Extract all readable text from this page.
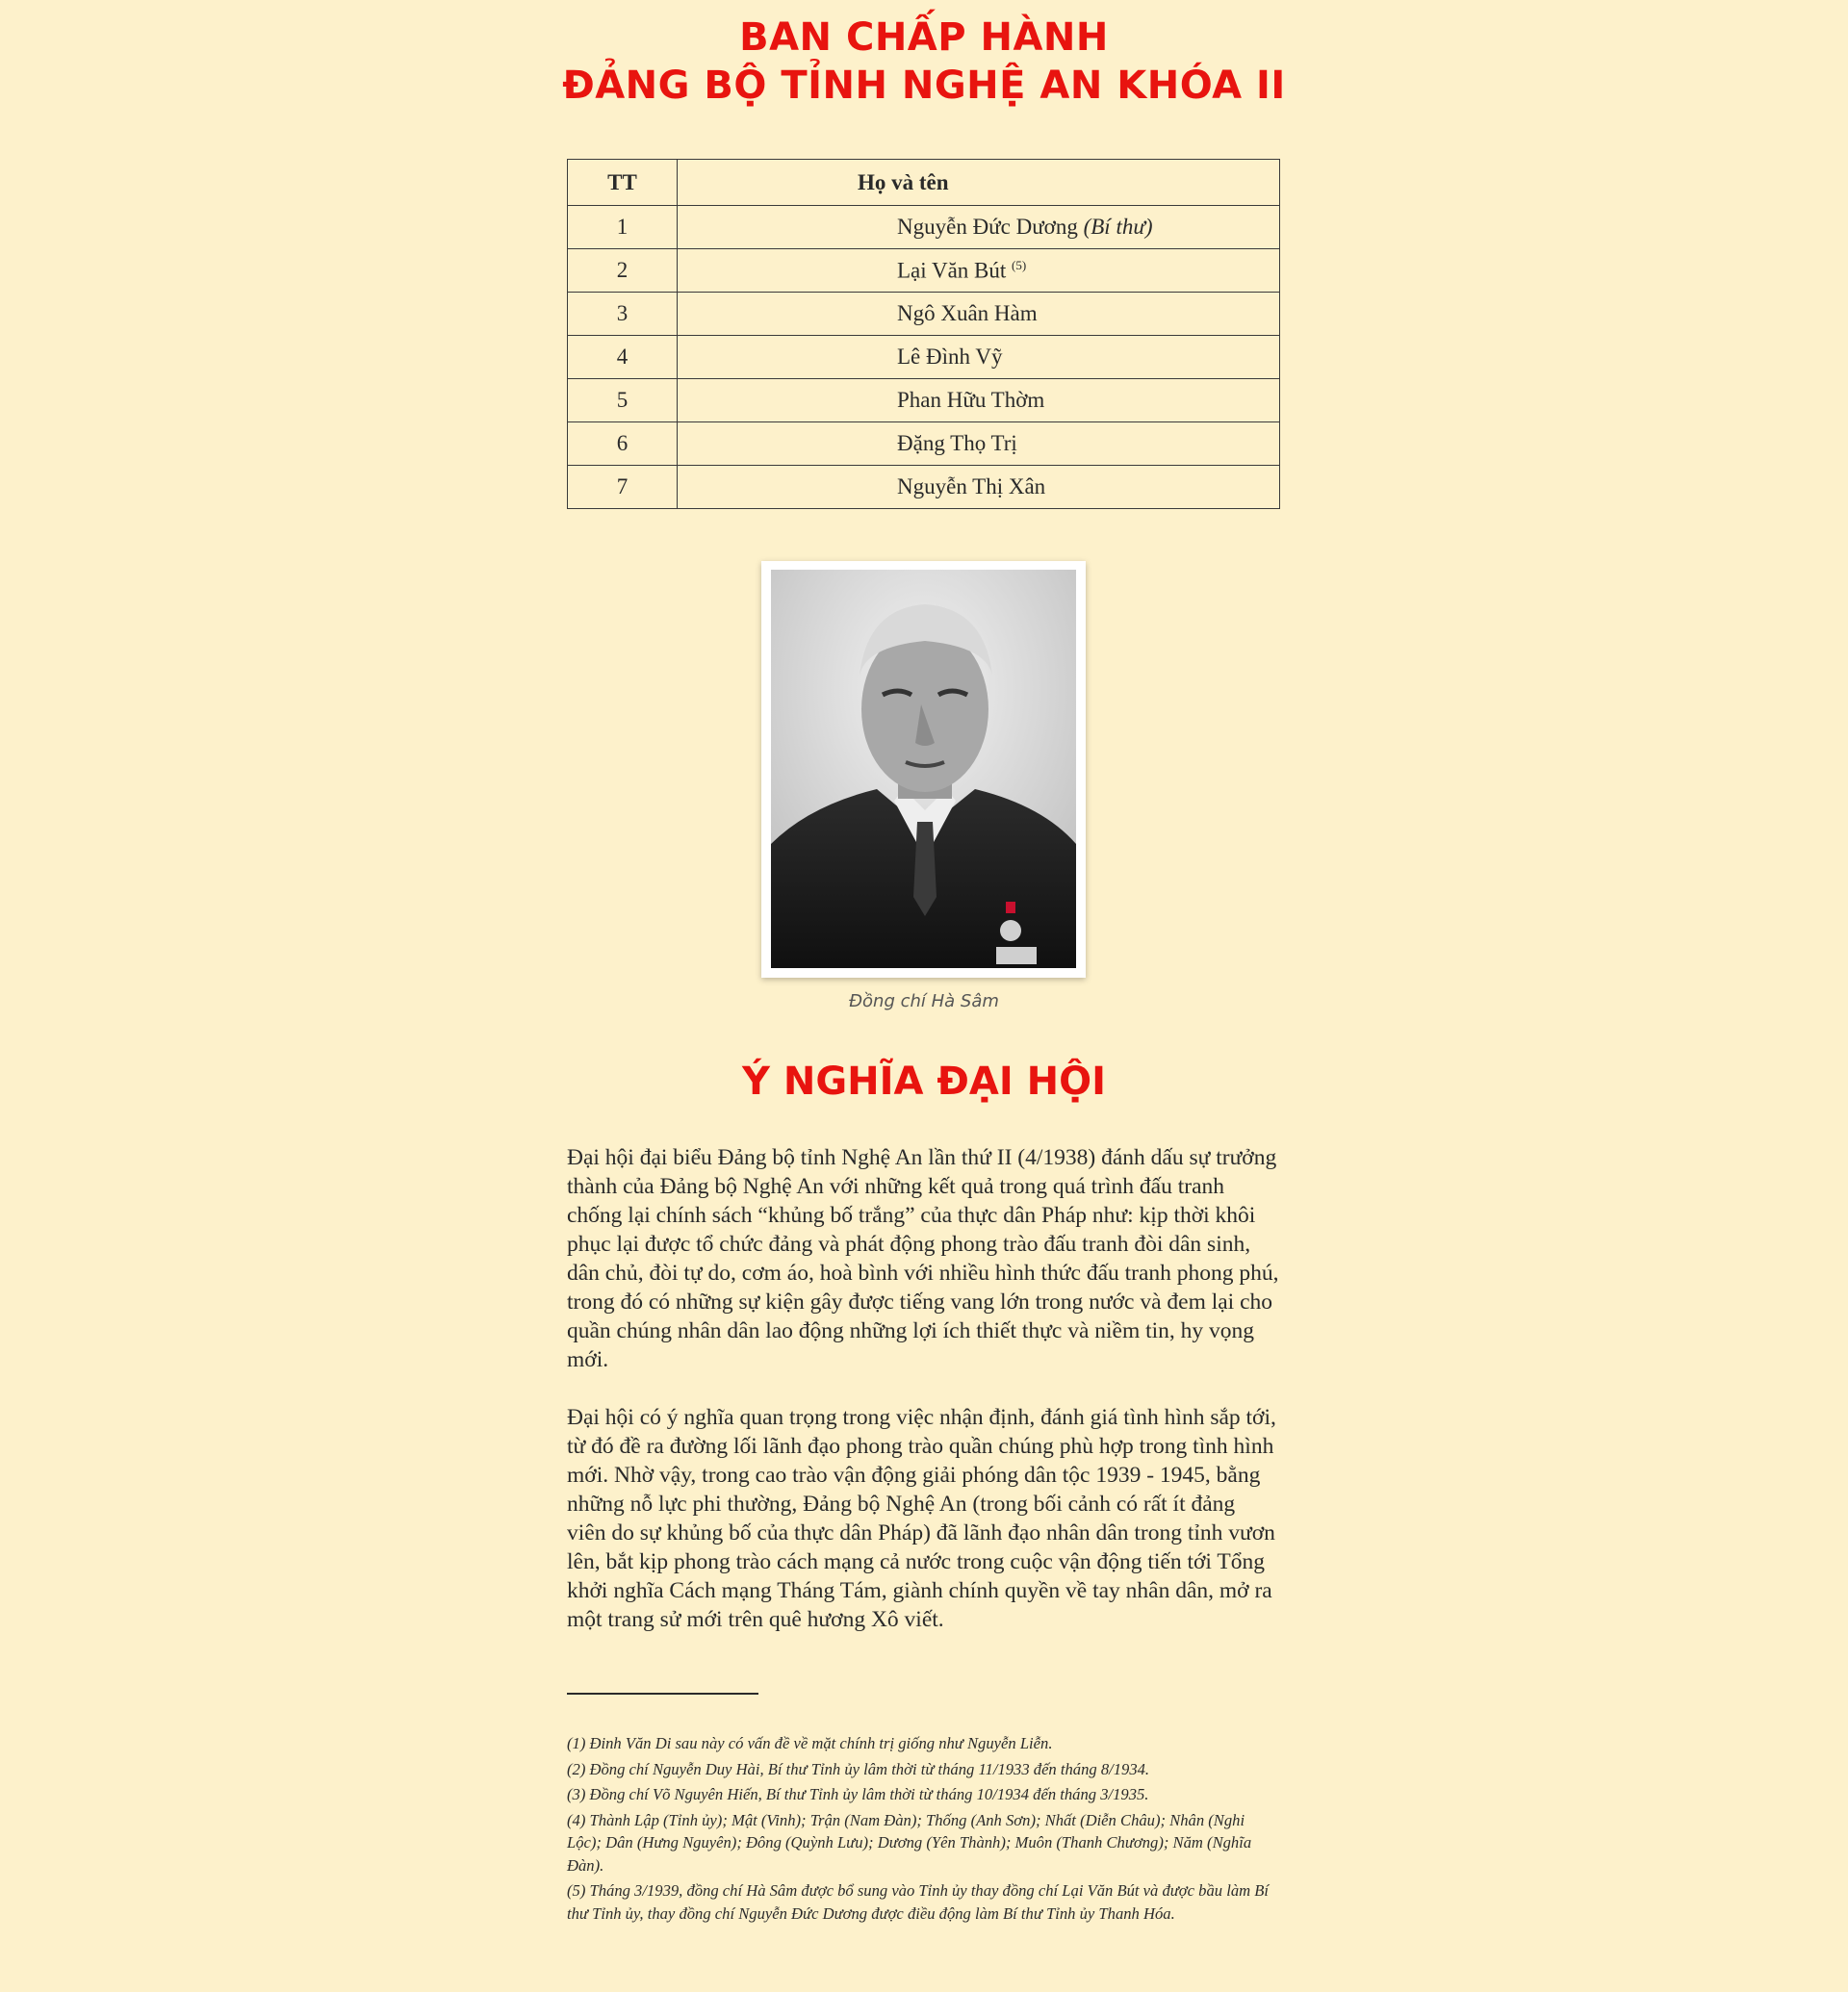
BAN CHẤP HÀNH
ĐẢNG BỘ TỈNH NGHỆ AN KHÓA II
TT	Họ và tên
1	Nguyễn Đức Dương (Bí thư)
2	Lại Văn Bút $^{(5)}$
3	Ngô Xuân Hàm
4	Lê Đình Vỹ
5	Phan Hữu Thờm
6	Đặng Thọ Trị
7	Nguyễn Thị Xân
Đồng chí Hà Sâm
Ý NGHĨA ĐẠI HỘI

Đại hội đại biểu Đảng bộ tỉnh Nghệ An lần thứ II (4/1938) đánh dấu sự trưởng thành của Đảng bộ Nghệ An với những kết quả trong quá trình đấu tranh chống lại chính sách “khủng bố trắng” của thực dân Pháp như: kịp thời khôi phục lại được tổ chức đảng và phát động phong trào đấu tranh đòi dân sinh, dân chủ, đòi tự do, cơm áo, hoà bình với nhiều hình thức đấu tranh phong phú, trong đó có những sự kiện gây được tiếng vang lớn trong nước và đem lại cho quần chúng nhân dân lao động những lợi ích thiết thực và niềm tin, hy vọng mới.

Đại hội có ý nghĩa quan trọng trong việc nhận định, đánh giá tình hình sắp tới, từ đó đề ra đường lối lãnh đạo phong trào quần chúng phù hợp trong tình hình mới. Nhờ vậy, trong cao trào vận động giải phóng dân tộc 1939 - 1945, bằng những nỗ lực phi thường, Đảng bộ Nghệ An (trong bối cảnh có rất ít đảng viên do sự khủng bố của thực dân Pháp) đã lãnh đạo nhân dân trong tỉnh vươn lên, bắt kịp phong trào cách mạng cả nước trong cuộc vận động tiến tới Tổng khởi nghĩa Cách mạng Tháng Tám, giành chính quyền về tay nhân dân, mở ra một trang sử mới trên quê hương Xô viết.

(1) Đinh Văn Di sau này có vấn đề về mặt chính trị giống như Nguyễn Liễn.
(2) Đồng chí Nguyễn Duy Hài, Bí thư Tỉnh ủy lâm thời từ tháng 11/1933 đến tháng 8/1934.
(3) Đồng chí Võ Nguyên Hiến, Bí thư Tỉnh ủy lâm thời từ tháng 10/1934 đến tháng 3/1935.
(4) Thành Lập (Tỉnh ủy); Mật (Vinh); Trận (Nam Đàn); Thống (Anh Sơn); Nhất (Diễn Châu); Nhân (Nghi Lộc); Dân (Hưng Nguyên); Đông (Quỳnh Lưu); Dương (Yên Thành); Muôn (Thanh Chương); Năm (Nghĩa Đàn).
(5) Tháng 3/1939, đồng chí Hà Sâm được bổ sung vào Tỉnh ủy thay đồng chí Lại Văn Bút và được bầu làm Bí thư Tỉnh ủy, thay đồng chí Nguyễn Đức Dương được điều động làm Bí thư Tỉnh ủy Thanh Hóa.
